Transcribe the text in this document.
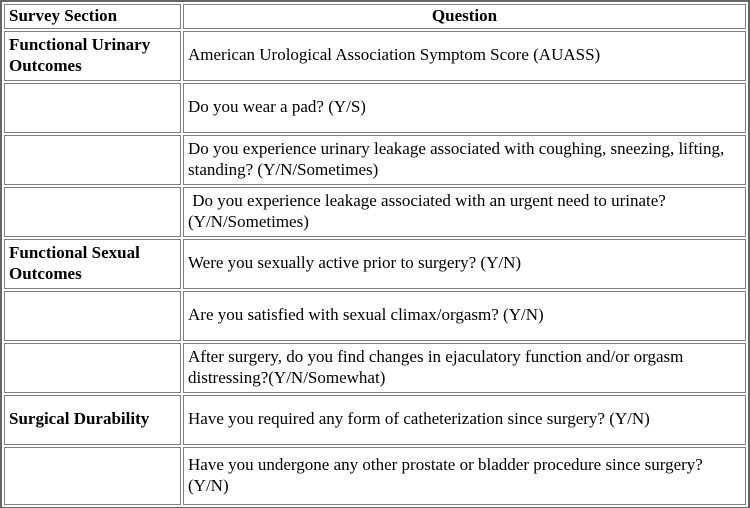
Survey Section	Question
Functional Urinary Outcomes	American Urological Association Symptom Score (AUASS)
	Do you wear a pad? (Y/S)
	Do you experience urinary leakage associated with coughing, sneezing, lifting, standing? (Y/N/Sometimes)
	Do you experience leakage associated with an urgent need to urinate?(Y/N/Sometimes)
Functional Sexual Outcomes	Were you sexually active prior to surgery? (Y/N)
	Are you satisfied with sexual climax/orgasm? (Y/N)
	After surgery, do you find changes in ejaculatory function and/or orgasm distressing?(Y/N/Somewhat)
Surgical Durability	Have you required any form of catheterization since surgery? (Y/N)
	Have you undergone any other prostate or bladder procedure since surgery? (Y/N)
